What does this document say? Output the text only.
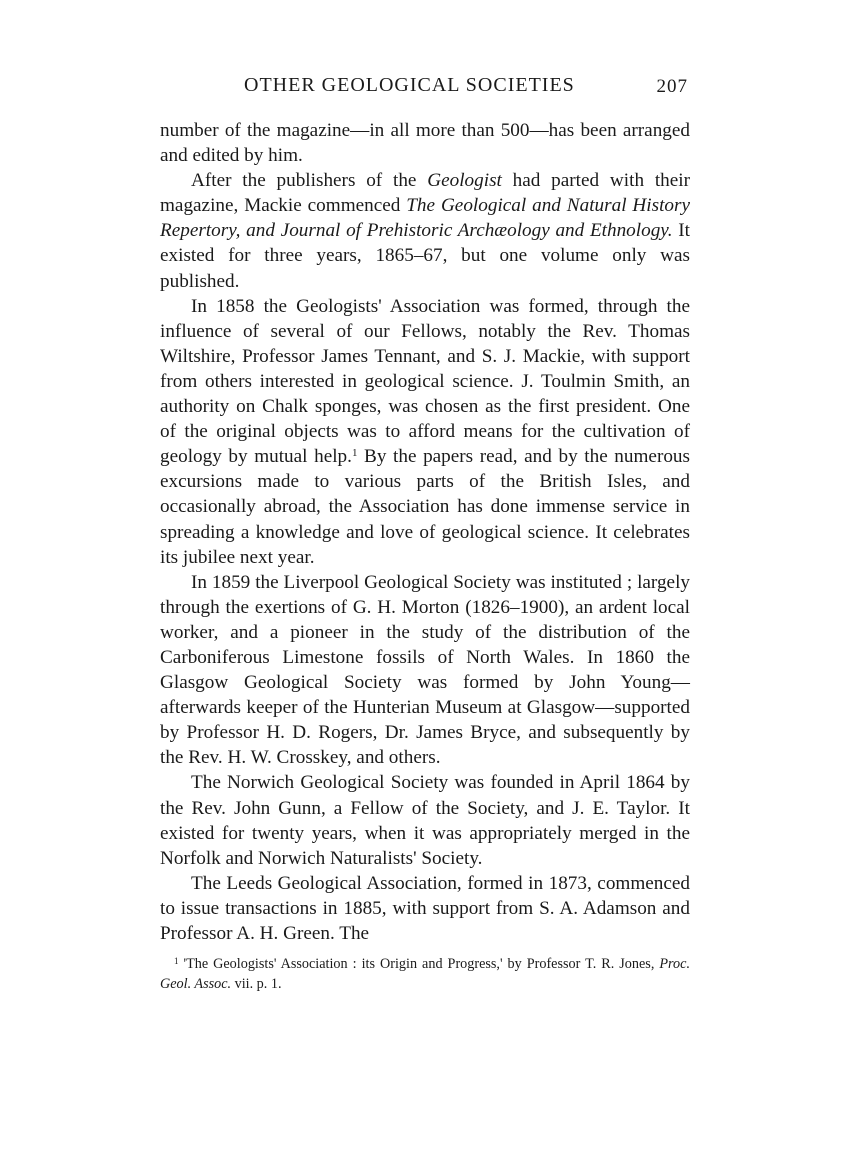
OTHER GEOLOGICAL SOCIETIES	207

number of the magazine—in all more than 500—has been arranged and edited by him.

After the publishers of the Geologist had parted with their magazine, Mackie commenced The Geological and Natural History Repertory, and Journal of Prehistoric Archæology and Ethnology. It existed for three years, 1865–67, but one volume only was published.

In 1858 the Geologists' Association was formed, through the influence of several of our Fellows, notably the Rev. Thomas Wiltshire, Professor James Tennant, and S. J. Mackie, with support from others interested in geological science. J. Toulmin Smith, an authority on Chalk sponges, was chosen as the first president. One of the original objects was to afford means for the cultivation of geology by mutual help.$^1$ By the papers read, and by the numerous excursions made to various parts of the British Isles, and occasionally abroad, the Association has done immense service in spreading a knowledge and love of geological science. It celebrates its jubilee next year.

In 1859 the Liverpool Geological Society was instituted ; largely through the exertions of G. H. Morton (1826–1900), an ardent local worker, and a pioneer in the study of the distribution of the Carboniferous Limestone fossils of North Wales. In 1860 the Glasgow Geological Society was formed by John Young—afterwards keeper of the Hunterian Museum at Glasgow—supported by Professor H. D. Rogers, Dr. James Bryce, and subsequently by the Rev. H. W. Crosskey, and others.

The Norwich Geological Society was founded in April 1864 by the Rev. John Gunn, a Fellow of the Society, and J. E. Taylor. It existed for twenty years, when it was appropriately merged in the Norfolk and Norwich Naturalists' Society.

The Leeds Geological Association, formed in 1873, commenced to issue transactions in 1885, with support from S. A. Adamson and Professor A. H. Green. The

$^1$ 'The Geologists' Association : its Origin and Progress,' by Professor T. R. Jones, Proc. Geol. Assoc. vii. p. 1.
